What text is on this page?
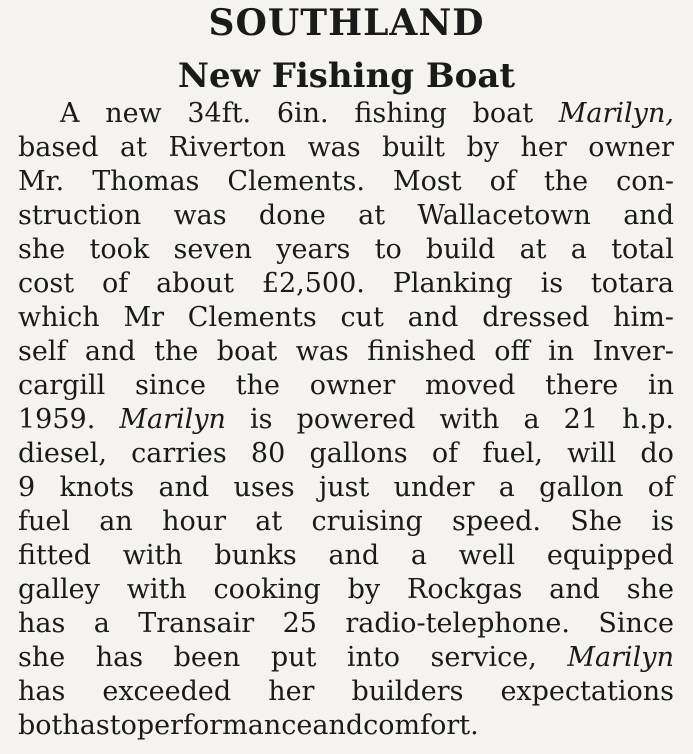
SOUTHLAND
New Fishing Boat
A new 34ft. 6in. fishing boat Marilyn,
based at Riverton was built by her owner
Mr. Thomas Clements. Most of the con-
struction was done at Wallacetown and
she took seven years to build at a total
cost of about £2,500. Planking is totara
which Mr Clements cut and dressed him-
self and the boat was finished off in Inver-
cargill since the owner moved there in
1959. Marilyn is powered with a 21 h.p.
diesel, carries 80 gallons of fuel, will do
9 knots and uses just under a gallon of
fuel an hour at cruising speed. She is
fitted with bunks and a well equipped
galley with cooking by Rockgas and she
has a Transair 25 radio-telephone. Since
she has been put into service, Marilyn
has exceeded her builders expectations
both as to performance and comfort.
